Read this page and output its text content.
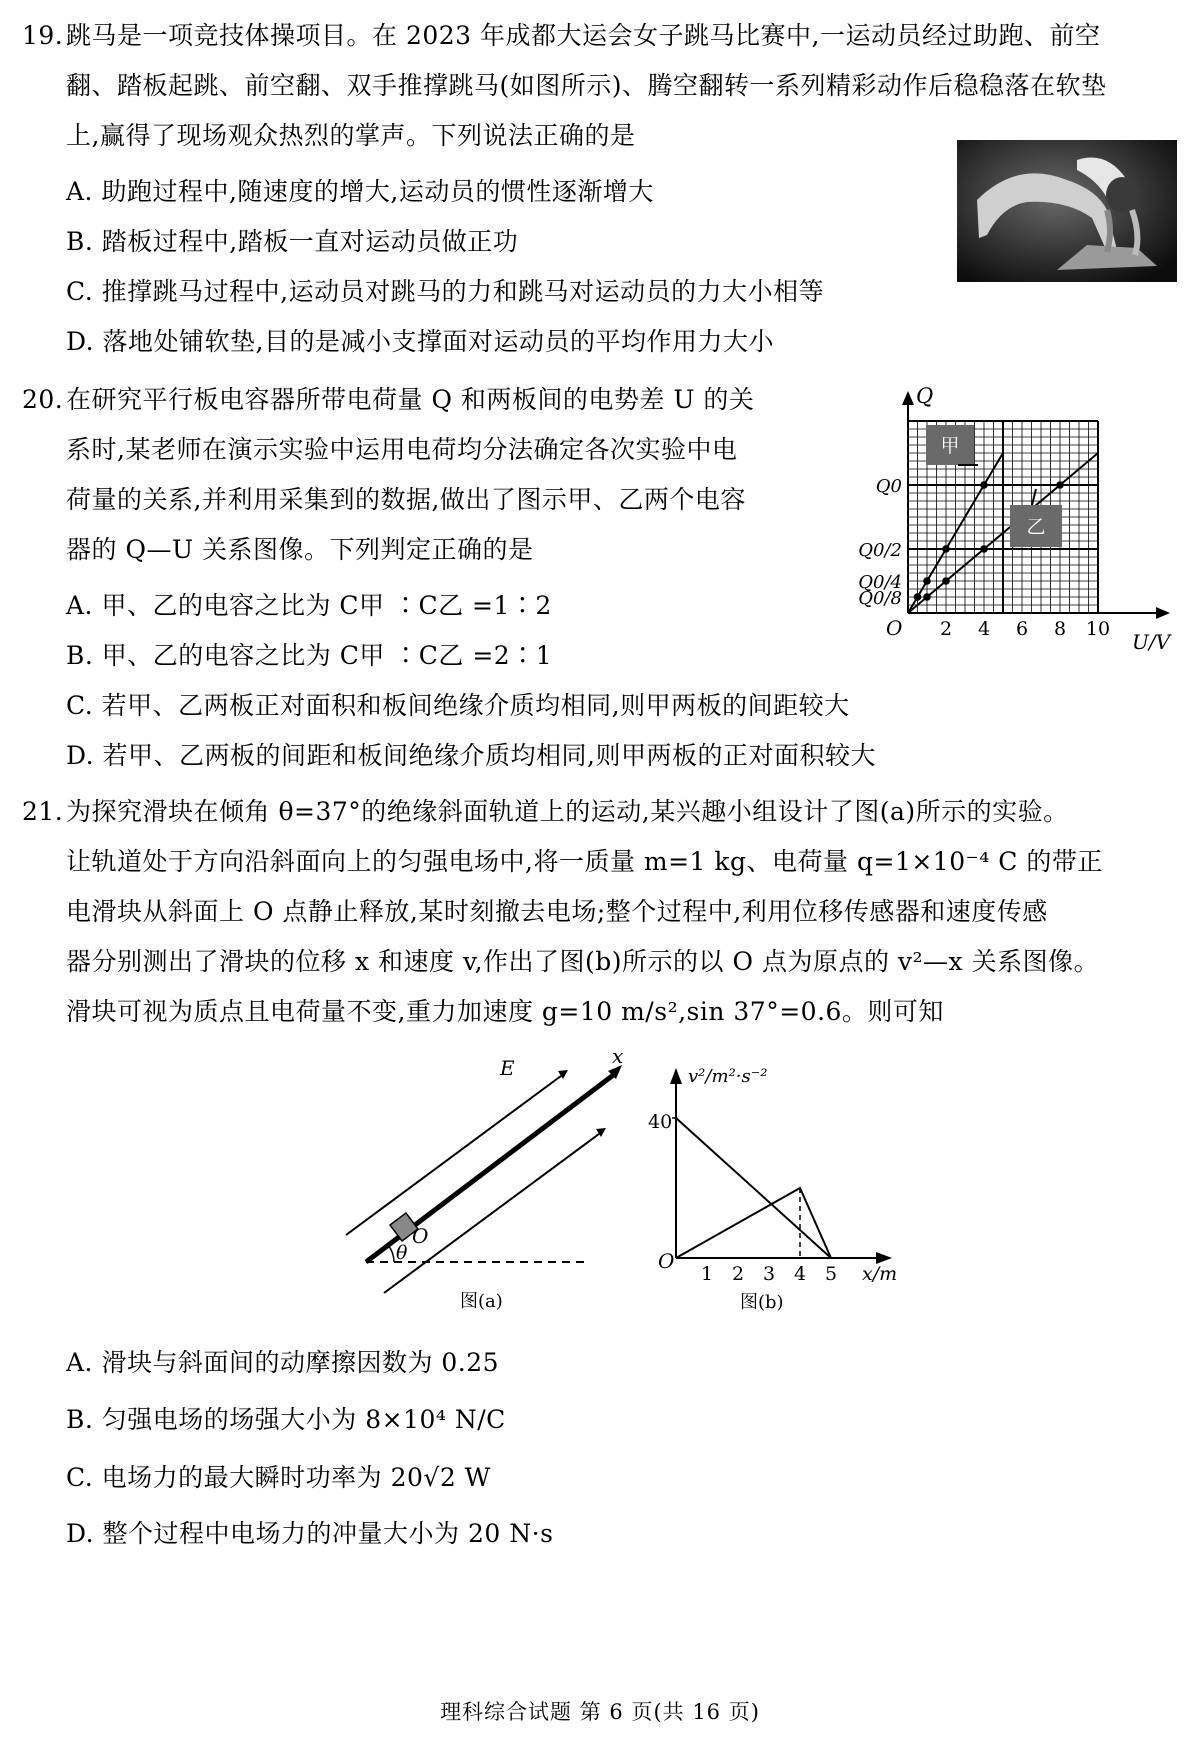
19. 跳马是一项竞技体操项目。在 2023 年成都大运会女子跳马比赛中,一运动员经过助跑、前空
翻、踏板起跳、前空翻、双手推撑跳马(如图所示)、腾空翻转一系列精彩动作后稳稳落在软垫
上,赢得了现场观众热烈的掌声。下列说法正确的是
A. 助跑过程中,随速度的增大,运动员的惯性逐渐增大
B. 踏板过程中,踏板一直对运动员做正功
C. 推撑跳马过程中,运动员对跳马的力和跳马对运动员的力大小相等
D. 落地处铺软垫,目的是减小支撑面对运动员的平均作用力大小
20. 在研究平行板电容器所带电荷量 Q 和两板间的电势差 U 的关
系时,某老师在演示实验中运用电荷均分法确定各次实验中电
荷量的关系,并利用采集到的数据,做出了图示甲、乙两个电容
器的 Q—U 关系图像。下列判定正确的是
A. 甲、乙的电容之比为 C甲 ∶C乙 =1∶2
B. 甲、乙的电容之比为 C甲 ∶C乙 =2∶1
C. 若甲、乙两板正对面积和板间绝缘介质均相同,则甲两板的间距较大
D. 若甲、乙两板的间距和板间绝缘介质均相同,则甲两板的正对面积较大
Q
O
U/V
2 4 6 8 10
Q0/8
Q0/4
Q0/2
Q0
甲
乙
21. 为探究滑块在倾角 θ=37°的绝缘斜面轨道上的运动,某兴趣小组设计了图(a)所示的实验。
让轨道处于方向沿斜面向上的匀强电场中,将一质量 m=1 kg、电荷量 q=1×10⁻⁴ C 的带正
电滑块从斜面上 O 点静止释放,某时刻撤去电场;整个过程中,利用位移传感器和速度传感
器分别测出了滑块的位移 x 和速度 v,作出了图(b)所示的以 O 点为原点的 v²—x 关系图像。
滑块可视为质点且电荷量不变,重力加速度 g=10 m/s²,sin 37°=0.6。则可知
E	x
O
θ
图(a)
1 2 3 4 5
v²/m²·s⁻²
O
x/m
40
图(b)
A. 滑块与斜面间的动摩擦因数为 0.25
B. 匀强电场的场强大小为 8×10⁴ N/C
C. 电场力的最大瞬时功率为 20√2 W
D. 整个过程中电场力的冲量大小为 20 N·s
理科综合试题 第 6 页(共 16 页)
